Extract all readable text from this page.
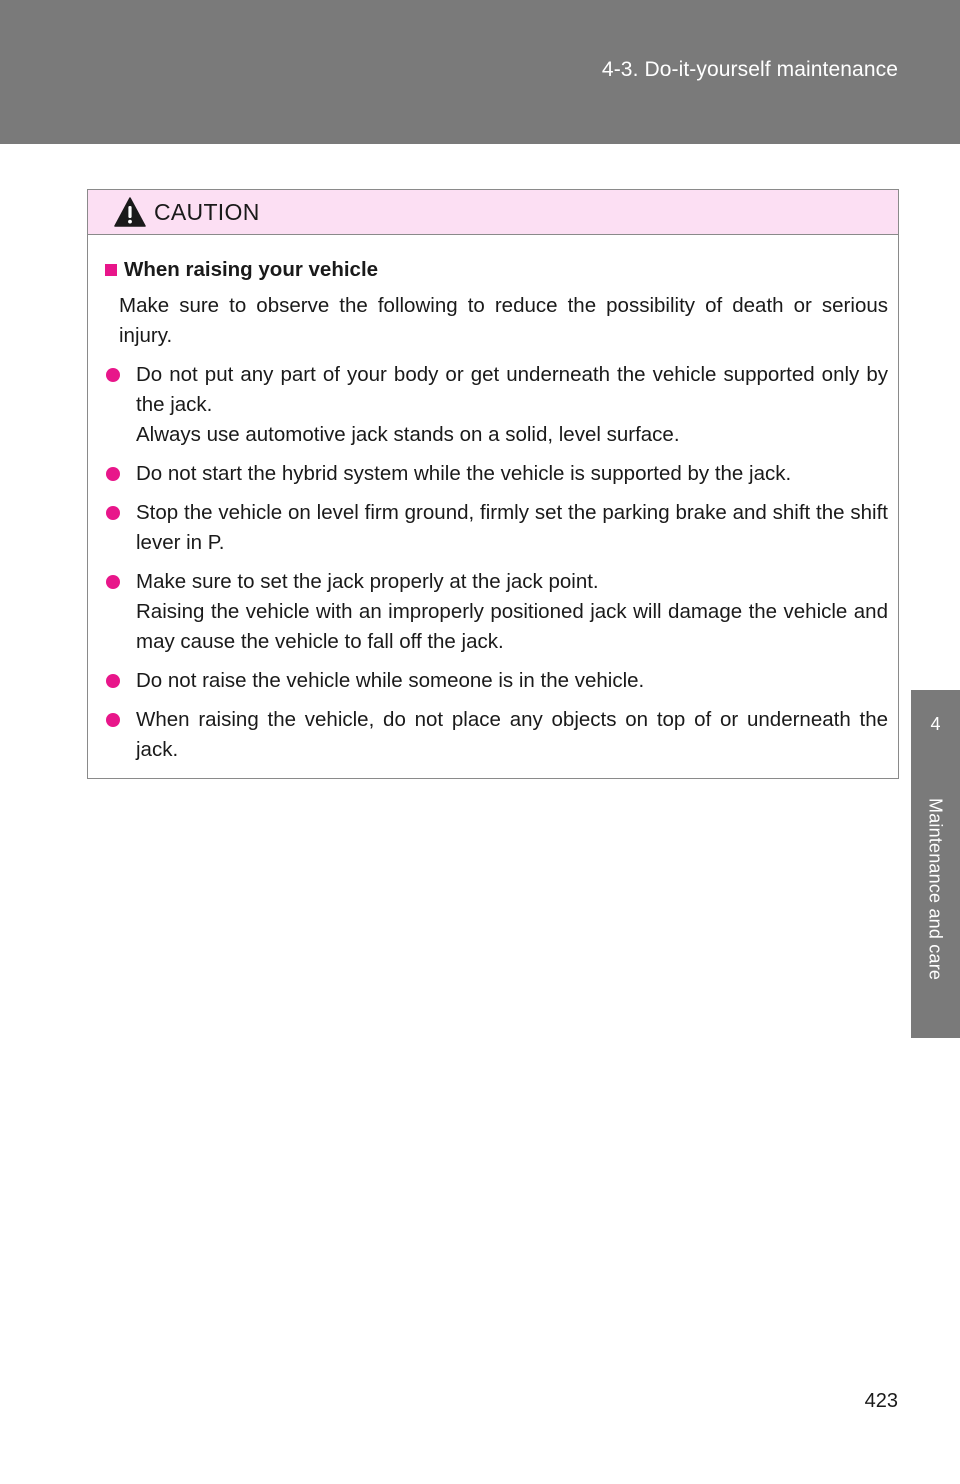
4-3. Do-it-yourself maintenance
4
Maintenance and care
CAUTION
When raising your vehicle
Make sure to observe the following to reduce the possibility of death or serious injury.
Do not put any part of your body or get underneath the vehicle supported only by the jack.
Always use automotive jack stands on a solid, level surface.
Do not start the hybrid system while the vehicle is supported by the jack.
Stop the vehicle on level firm ground, firmly set the parking brake and shift the shift lever in P.
Make sure to set the jack properly at the jack point.
Raising the vehicle with an improperly positioned jack will damage the vehicle and may cause the vehicle to fall off the jack.
Do not raise the vehicle while someone is in the vehicle.
When raising the vehicle, do not place any objects on top of or underneath the jack.
423
